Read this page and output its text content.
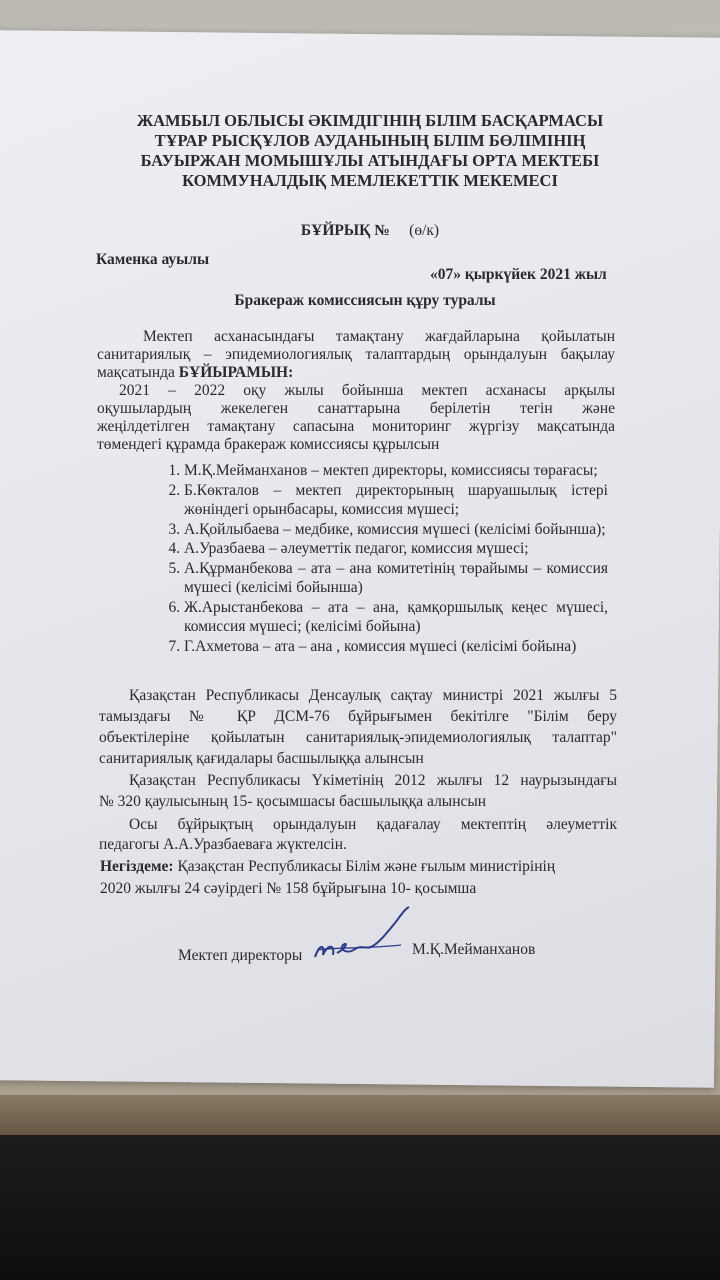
ЖАМБЫЛ ОБЛЫСЫ ӘКІМДІГІНІҢ БІЛІМ БАСҚАРМАСЫ
ТҰРАР РЫСҚҰЛОВ АУДАНЫНЫҢ БІЛІМ БӨЛІМІНІҢ
БАУЫРЖАН МОМЫШҰЛЫ АТЫНДАҒЫ ОРТА МЕКТЕБІ
КОММУНАЛДЫҚ МЕМЛЕКЕТТІК МЕКЕМЕСІ
БҰЙРЫҚ № (ө/к)
Каменка ауылы
«07» қыркүйек 2021 жыл
Бракераж комиссиясын құру туралы
Мектеп асханасындағы тамақтану жағдайларына қойылатын
санитариялық – эпидемиологиялық талаптардың орындалуын бақылау
мақсатында БҰЙЫРАМЫН:
2021 – 2022 оқу жылы бойынша мектеп асханасы арқылы
оқушылардың жекелеген санаттарына берілетін тегін және
жеңілдетілген тамақтану сапасына мониторинг жүргізу мақсатында
төмендегі құрамда бракераж комиссиясы құрылсын
1. М.Қ.Мейманханов – мектеп директоры, комиссиясы төрағасы;
2. Б.Көкталов – мектеп директорының шаруашылық істері жөніндегі орынбасары, комиссия мүшесі;
3. А.Қойлыбаева – медбике, комиссия мүшесі (келісімі бойынша);
4. А.Уразбаева – әлеуметтік педагог, комиссия мүшесі;
5. А.Құрманбекова – ата – ана комитетінің төрайымы – комиссия мүшесі (келісімі бойынша)
6. Ж.Арыстанбекова – ата – ана, қамқоршылық кеңес мүшесі, комиссия мүшесі; (келісімі бойына)
7. Г.Ахметова – ата – ана , комиссия мүшесі (келісімі бойына)
Қазақстан Республикасы Денсаулық сақтау министрі 2021 жылғы 5
тамыздағы № ҚР ДСМ-76 бұйрығымен бекітілге "Білім беру
объектілеріне қойылатын санитариялық-эпидемиологиялық талаптар"
санитариялық қағидалары басшылыққа алынсын
Қазақстан Республикасы Үкіметінің 2012 жылғы 12 наурызындағы
№ 320 қаулысының 15- қосымшасы басшылыққа алынсын
Осы бұйрықтың орындалуын қадағалау мектептің әлеуметтік
педагогы А.А.Уразбаеваға жүктелсін.
Негіздеме: Қазақстан Республикасы Білім және ғылым министірінің
2020 жылғы 24 сәуірдегі № 158 бұйрығына 10- қосымша
Мектеп директоры	М.Қ.Мейманханов
